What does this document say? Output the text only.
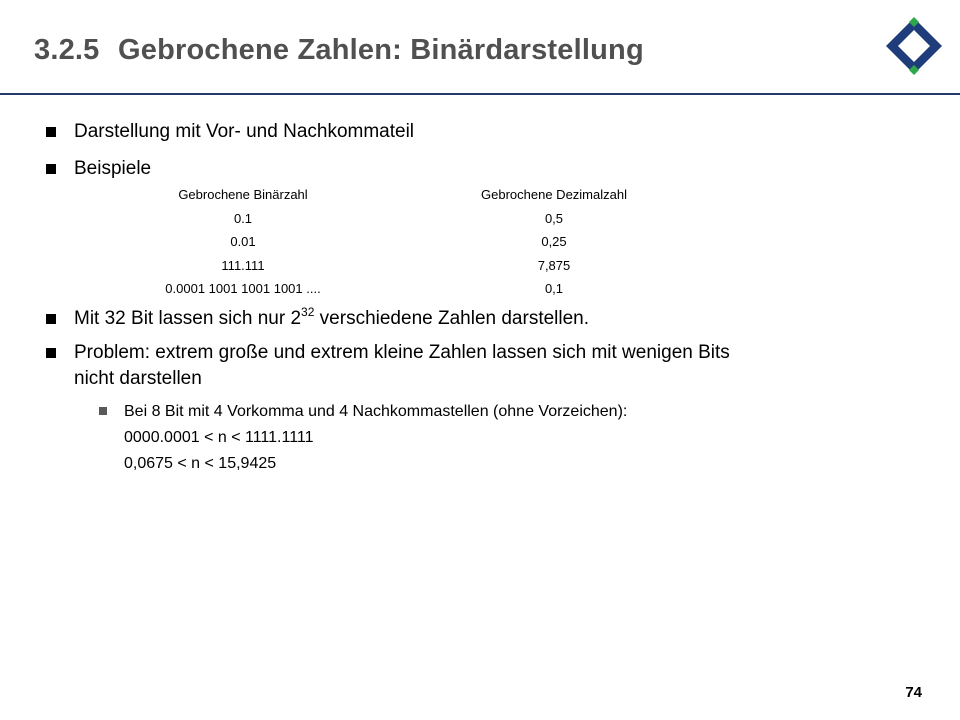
3.2.5 Gebrochene Zahlen: Binärdarstellung
Darstellung mit Vor- und Nachkommateil
Beispiele
Gebrochene Binärzahl	Gebrochene Dezimalzahl
0.1	0,5
0.01	0,25
111.111	7,875
0.0001 1001 1001 1001 ....	0,1
Mit 32 Bit lassen sich nur $2^{32}$ verschiedene Zahlen darstellen.
Problem: extrem große und extrem kleine Zahlen lassen sich mit wenigen Bits
nicht darstellen
Bei 8 Bit mit 4 Vorkomma und 4 Nachkommastellen (ohne Vorzeichen):
0000.0001 < n < 1111.1111
0,0675 < n < 15,9425
74
